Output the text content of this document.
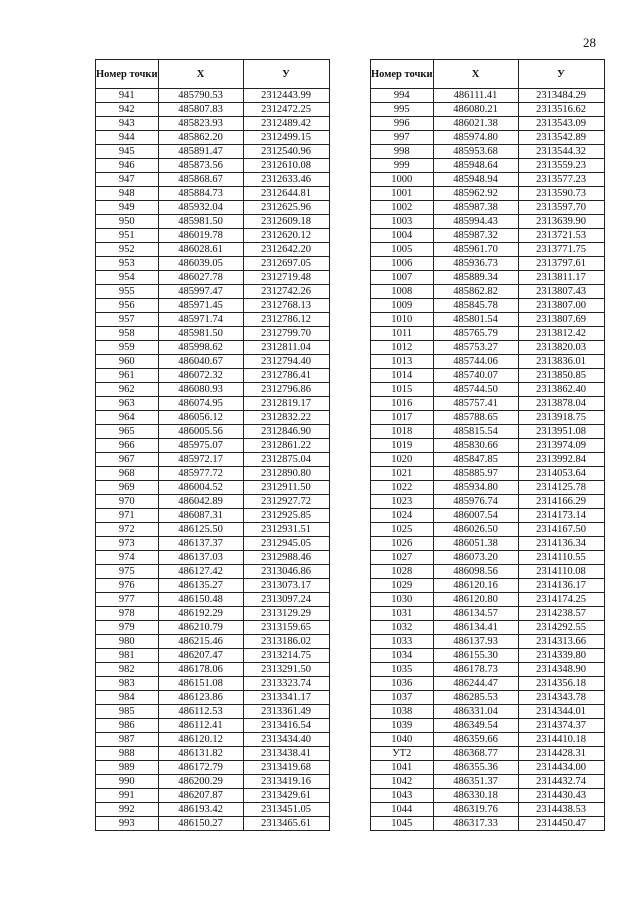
28
Номер точки	X	У
941	485790.53	2312443.99
942	485807.83	2312472.25
943	485823.93	2312489.42
944	485862.20	2312499.15
945	485891.47	2312540.96
946	485873.56	2312610.08
947	485868.67	2312633.46
948	485884.73	2312644.81
949	485932.04	2312625.96
950	485981.50	2312609.18
951	486019.78	2312620.12
952	486028.61	2312642.20
953	486039.05	2312697.05
954	486027.78	2312719.48
955	485997.47	2312742.26
956	485971.45	2312768.13
957	485971.74	2312786.12
958	485981.50	2312799.70
959	485998.62	2312811.04
960	486040.67	2312794.40
961	486072.32	2312786.41
962	486080.93	2312796.86
963	486074.95	2312819.17
964	486056.12	2312832.22
965	486005.56	2312846.90
966	485975.07	2312861.22
967	485972.17	2312875.04
968	485977.72	2312890.80
969	486004.52	2312911.50
970	486042.89	2312927.72
971	486087.31	2312925.85
972	486125.50	2312931.51
973	486137.37	2312945.05
974	486137.03	2312988.46
975	486127.42	2313046.86
976	486135.27	2313073.17
977	486150.48	2313097.24
978	486192.29	2313129.29
979	486210.79	2313159.65
980	486215.46	2313186.02
981	486207.47	2313214.75
982	486178.06	2313291.50
983	486151.08	2313323.74
984	486123.86	2313341.17
985	486112.53	2313361.49
986	486112.41	2313416.54
987	486120.12	2313434.40
988	486131.82	2313438.41
989	486172.79	2313419.68
990	486200.29	2313419.16
991	486207.87	2313429.61
992	486193.42	2313451.05
993	486150.27	2313465.61
Номер точки	X	У
994	486111.41	2313484.29
995	486080.21	2313516.62
996	486021.38	2313543.09
997	485974.80	2313542.89
998	485953.68	2313544.32
999	485948.64	2313559.23
1000	485948.94	2313577.23
1001	485962.92	2313590.73
1002	485987.38	2313597.70
1003	485994.43	2313639.90
1004	485987.32	2313721.53
1005	485961.70	2313771.75
1006	485936.73	2313797.61
1007	485889.34	2313811.17
1008	485862.82	2313807.43
1009	485845.78	2313807.00
1010	485801.54	2313807.69
1011	485765.79	2313812.42
1012	485753.27	2313820.03
1013	485744.06	2313836.01
1014	485740.07	2313850.85
1015	485744.50	2313862.40
1016	485757.41	2313878.04
1017	485788.65	2313918.75
1018	485815.54	2313951.08
1019	485830.66	2313974.09
1020	485847.85	2313992.84
1021	485885.97	2314053.64
1022	485934.80	2314125.78
1023	485976.74	2314166.29
1024	486007.54	2314173.14
1025	486026.50	2314167.50
1026	486051.38	2314136.34
1027	486073.20	2314110.55
1028	486098.56	2314110.08
1029	486120.16	2314136.17
1030	486120.80	2314174.25
1031	486134.57	2314238.57
1032	486134.41	2314292.55
1033	486137.93	2314313.66
1034	486155.30	2314339.80
1035	486178.73	2314348.90
1036	486244.47	2314356.18
1037	486285.53	2314343.78
1038	486331.04	2314344.01
1039	486349.54	2314374.37
1040	486359.66	2314410.18
УТ2	486368.77	2314428.31
1041	486355.36	2314434.00
1042	486351.37	2314432.74
1043	486330.18	2314430.43
1044	486319.76	2314438.53
1045	486317.33	2314450.47
